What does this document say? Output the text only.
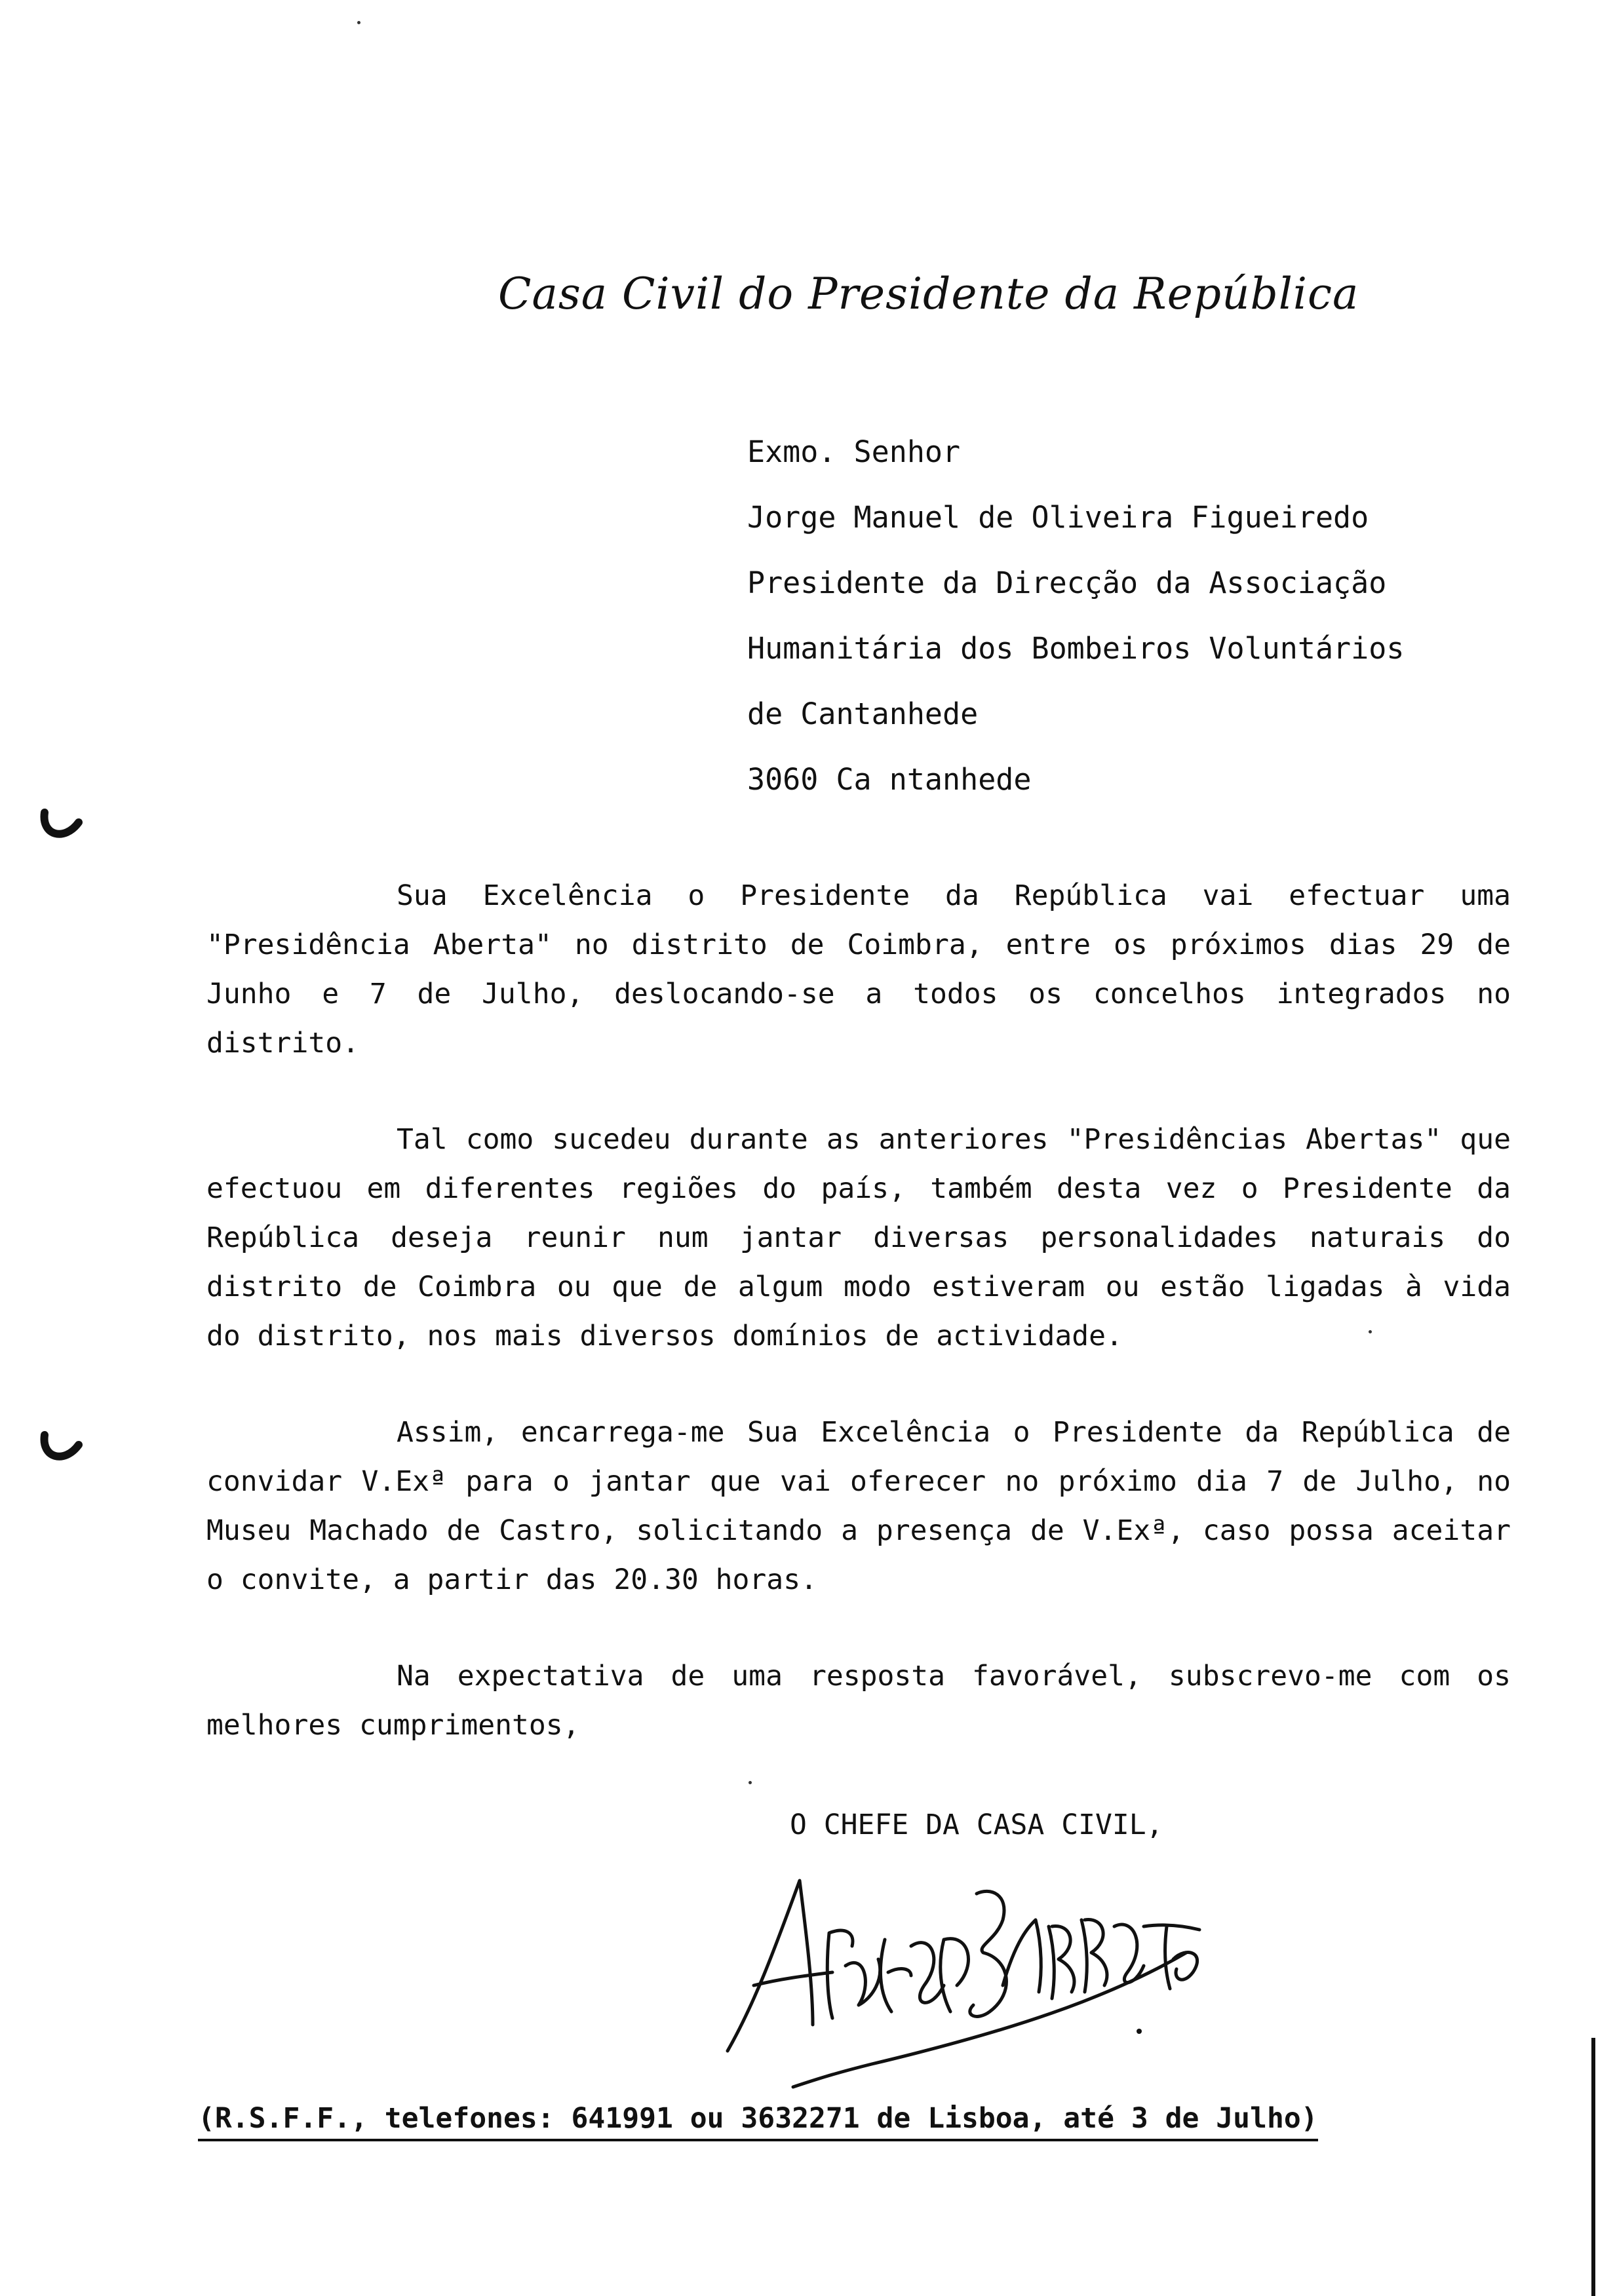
Casa Civil do Presidente da República
Exmo. Senhor
Jorge Manuel de Oliveira Figueiredo
Presidente da Direcção da Associação
Humanitária dos Bombeiros Voluntários
de Cantanhede
3060 Ca ntanhede

Sua Excelência o Presidente da República vai efectuar uma "Presidência Aberta" no distrito de Coimbra, entre os próximos dias 29 de Junho e 7 de Julho, deslocando-se a todos os concelhos integrados no distrito.

Tal como sucedeu durante as anteriores "Presidências Abertas" que efectuou em diferentes regiões do país, também desta vez o Presidente da República deseja reunir num jantar diversas personalidades naturais do distrito de Coimbra ou que de algum modo estiveram ou estão ligadas à vida do distrito, nos mais diversos domínios de actividade.

Assim, encarrega-me Sua Excelência o Presidente da República de convidar V.Exª para o jantar que vai oferecer no próximo dia 7 de Julho, no Museu Machado de Castro, solicitando a presença de V.Exª, caso possa aceitar o convite, a partir das 20.30 horas.

Na expectativa de uma resposta favorável, subscrevo-me com os melhores cumprimentos,

O CHEFE DA CASA CIVIL,
(R.S.F.F., telefones: 641991 ou 3632271 de Lisboa, até 3 de Julho)
